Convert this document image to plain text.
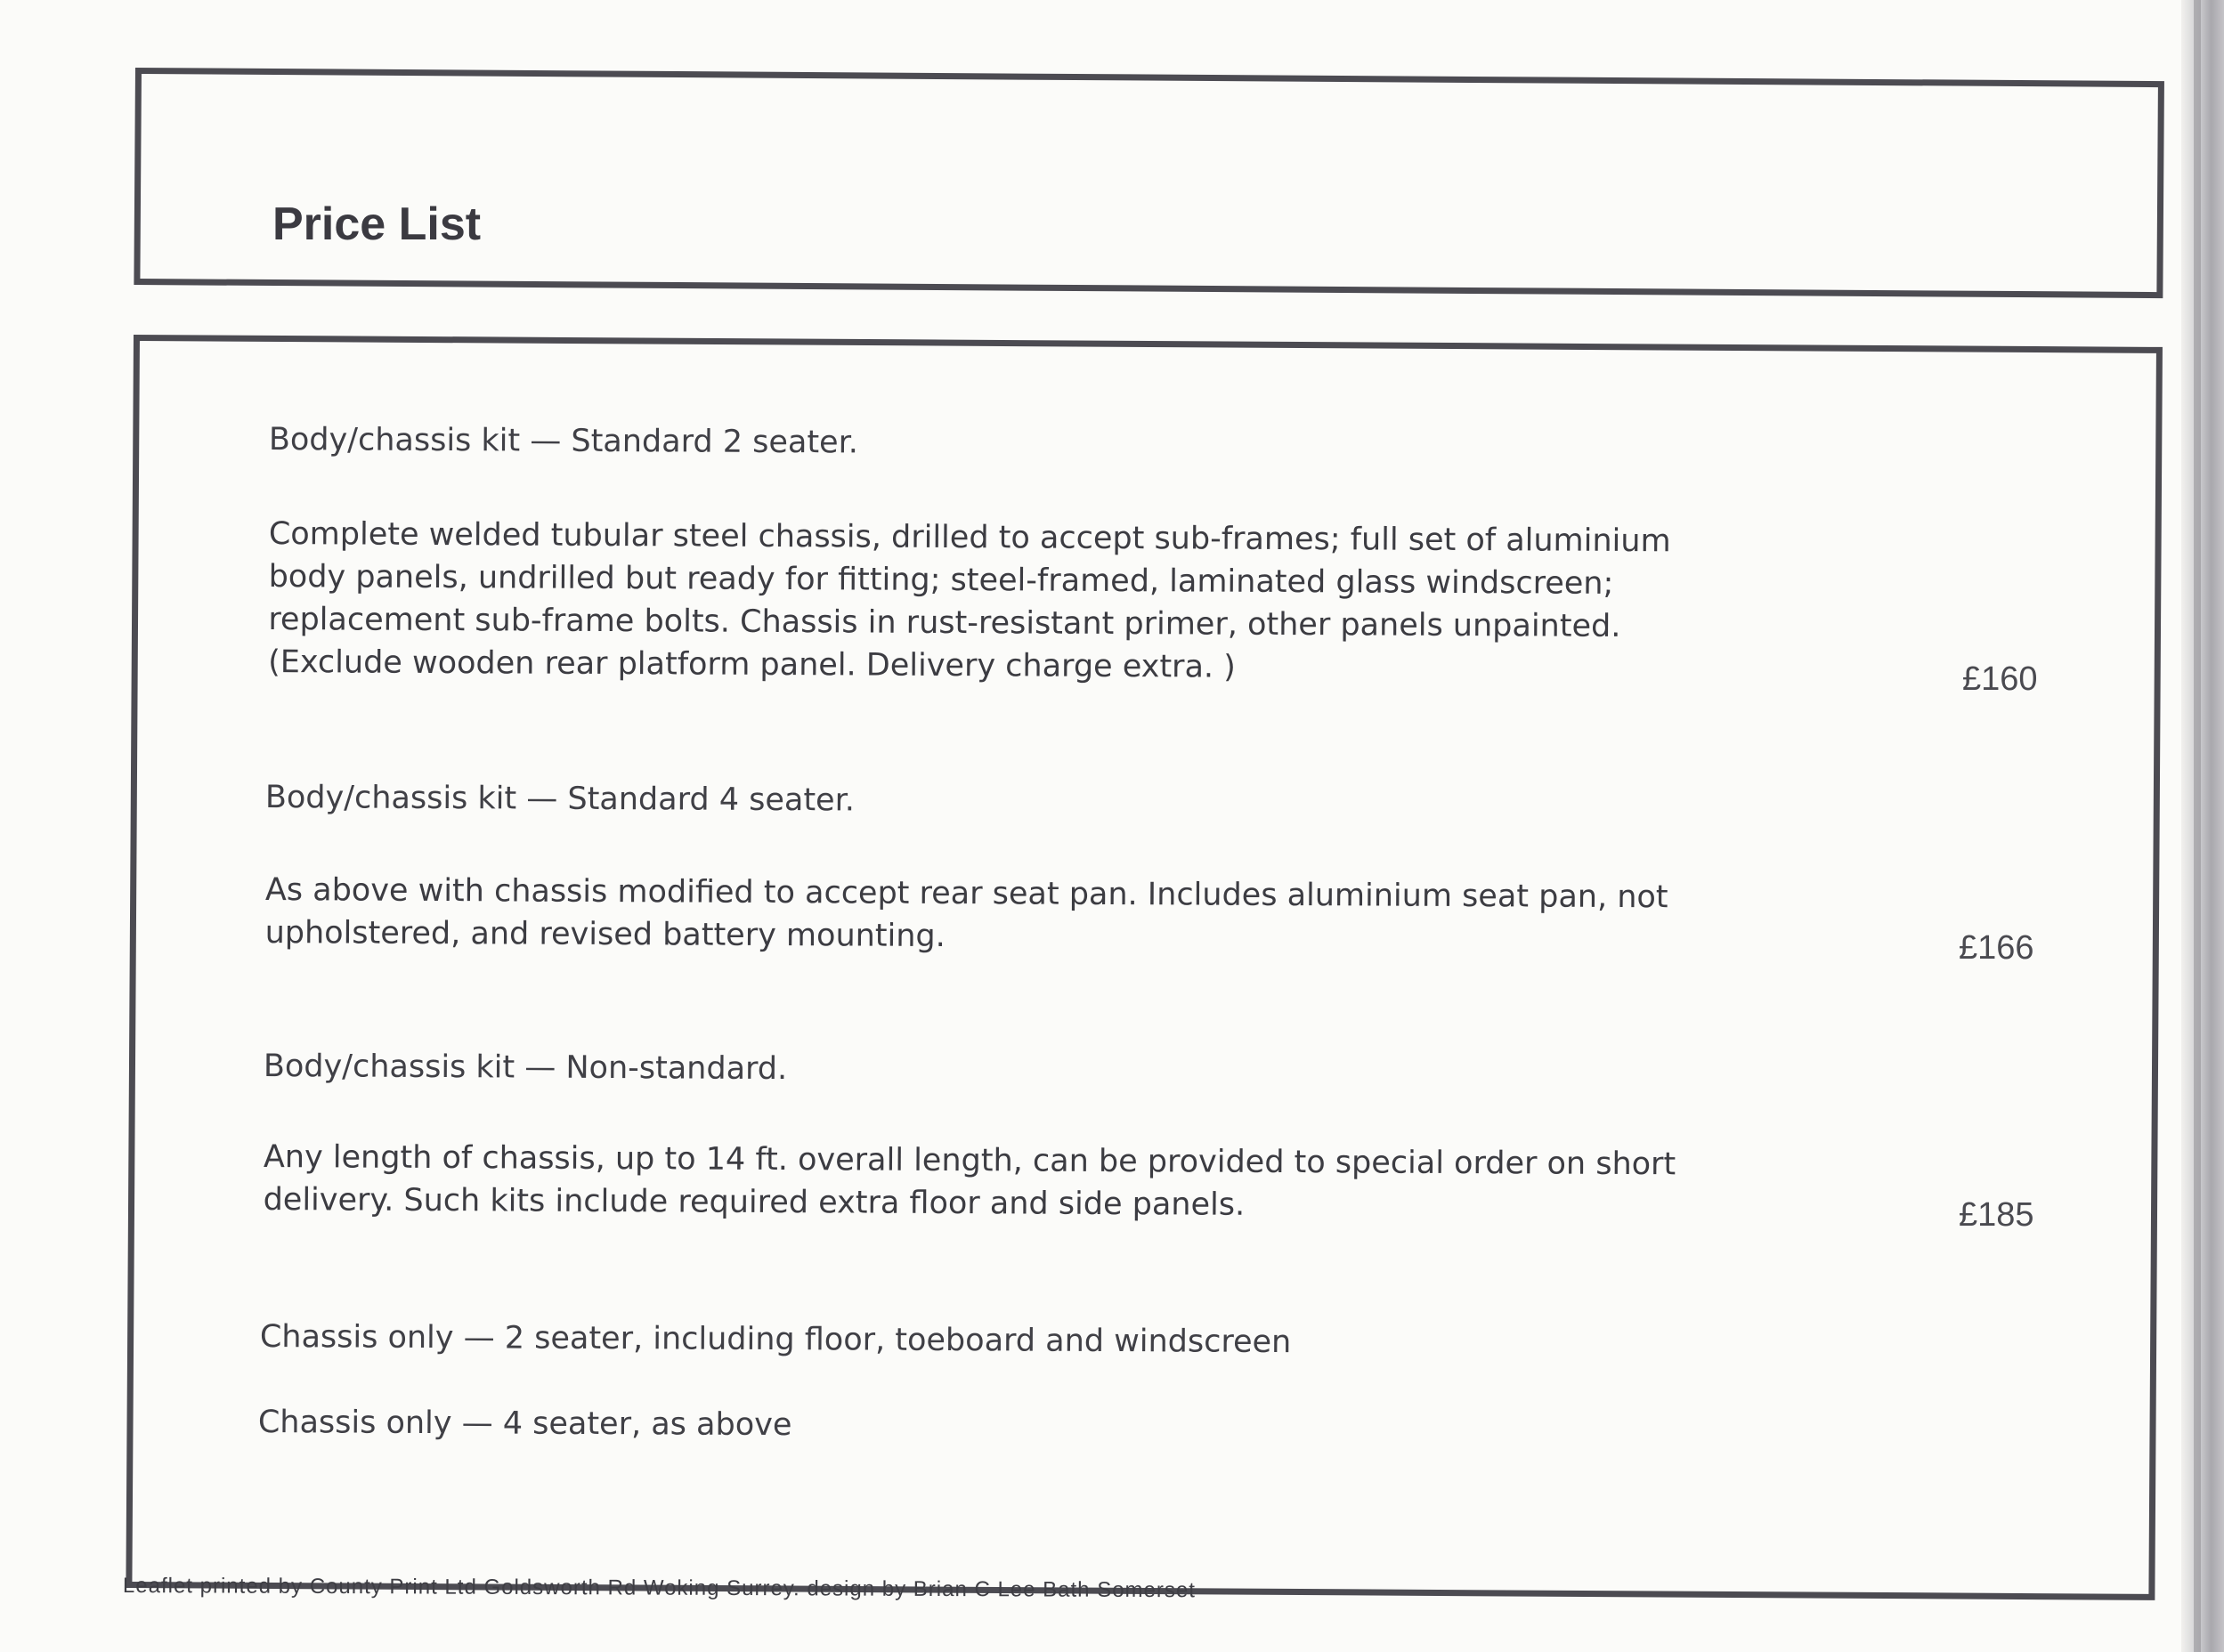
Price List

Body/chassis kit — Standard 2 seater.

Complete welded tubular steel chassis, drilled to accept sub-frames; full set of aluminium body panels, undrilled but ready for fitting; steel-framed, laminated glass windscreen; replacement sub-frame bolts. Chassis in rust-resistant primer, other panels unpainted. (Exclude wooden rear platform panel. Delivery charge extra. )	£160

Body/chassis kit — Standard 4 seater.

As above with chassis modified to accept rear seat pan. Includes aluminium seat pan, not upholstered, and revised battery mounting.	£166

Body/chassis kit — Non-standard.

Any length of chassis, up to 14 ft. overall length, can be provided to special order on short delivery. Such kits include required extra floor and side panels.	£185

Chassis only — 2 seater, including floor, toeboard and windscreen

Chassis only — 4 seater, as above

Leaflet printed by County Print Ltd Goldsworth Rd Woking Surrey. design by Brian C Lee Bath Somerset
